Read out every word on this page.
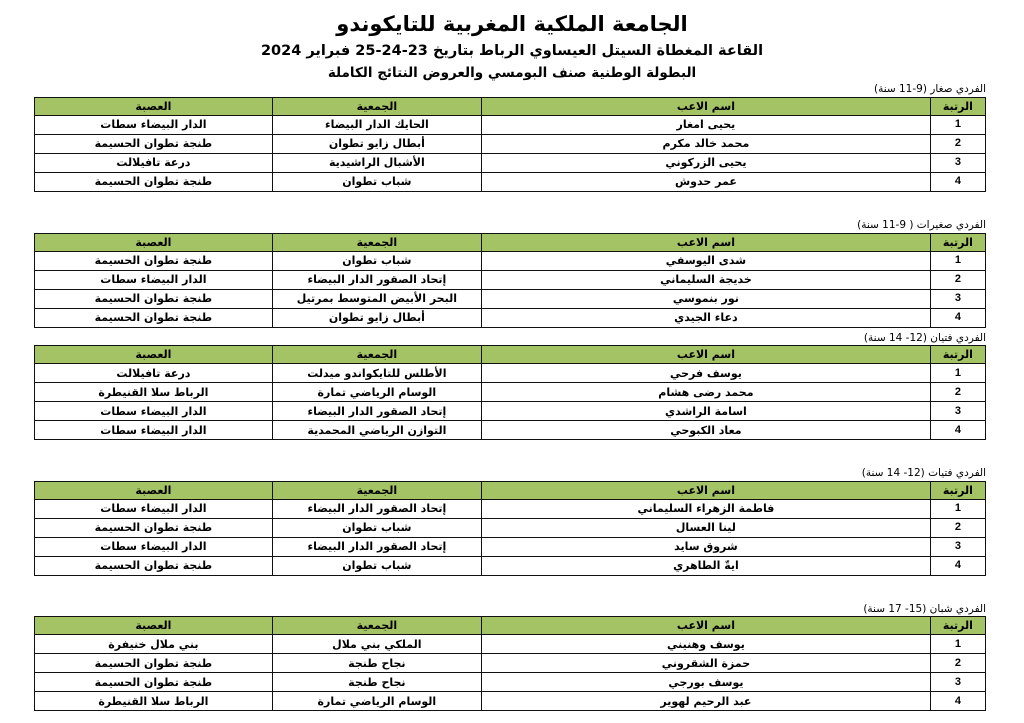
الجامعة الملكية المغربية للتايكوندو
القاعة المغطاة السيتل العيساوي الرباط بتاريخ 23-24-25 فبراير 2024
البطولة الوطنية صنف البومسي والعروض النتائج الكاملة
الفردي صغار (9-11 سنة)
الرتبة	اسم الاعب	الجمعية	العصبة
1	يحيى امغار	الحايك الدار البيضاء	الدار البيضاء سطات
2	محمد خالد مكرم	أبطال زايو تطوان	طنجة تطوان الحسيمة
3	يحيى الزركوني	الأشبال الراشيدية	درعة تافيلالت
4	عمر حدوش	شباب تطوان	طنجة تطوان الحسيمة
الفردي صغيرات ( 9-11 سنة)
الرتبة	اسم الاعب	الجمعية	العصبة
1	شدى اليوسفي	شباب تطوان	طنجة تطوان الحسيمة
2	خديجة السليماني	إتحاد الصقور الدار البيضاء	الدار البيضاء سطات
3	نور بنموسي	البحر الأبيض المتوسط بمرتيل	طنجة تطوان الحسيمة
4	دعاء الجيدي	أبطال زايو تطوان	طنجة تطوان الحسيمة
الفردي فتيان (12- 14 سنة)
الرتبة	اسم الاعب	الجمعية	العصبة
1	يوسف فرحي	الأطلس للتايكواندو ميدلت	درعة تافيلالت
2	محمد رضى هشام	الوسام الرياضي تمارة	الرباط سلا القنيطرة
3	اسامة الراشدي	إتحاد الصقور الدار البيضاء	الدار البيضاء سطات
4	معاد الكبوحي	التوازن الرياضي المحمدية	الدار البيضاء سطات
الفردي فتيات (12- 14 سنة)
الرتبة	اسم الاعب	الجمعية	العصبة
1	فاطمة الزهراء السليماني	إتحاد الصقور الدار البيضاء	الدار البيضاء سطات
2	لينا العسال	شباب تطوان	طنجة تطوان الحسيمة
3	شروق سايد	إتحاد الصقور الدار البيضاء	الدار البيضاء سطات
4	ايةّ الطاهري	شباب تطوان	طنجة تطوان الحسيمة
الفردي شبان (15- 17 سنة)
الرتبة	اسم الاعب	الجمعية	العصبة
1	يوسف وهنيني	الملكي بني ملال	بني ملال خنيفرة
2	حمزة الشقروني	نجاح طنجة	طنجة تطوان الحسيمة
3	يوسف بورجي	نجاح طنجة	طنجة تطوان الحسيمة
4	عبد الرحيم لهوير	الوسام الرياضي تمارة	الرباط سلا القنيطرة
